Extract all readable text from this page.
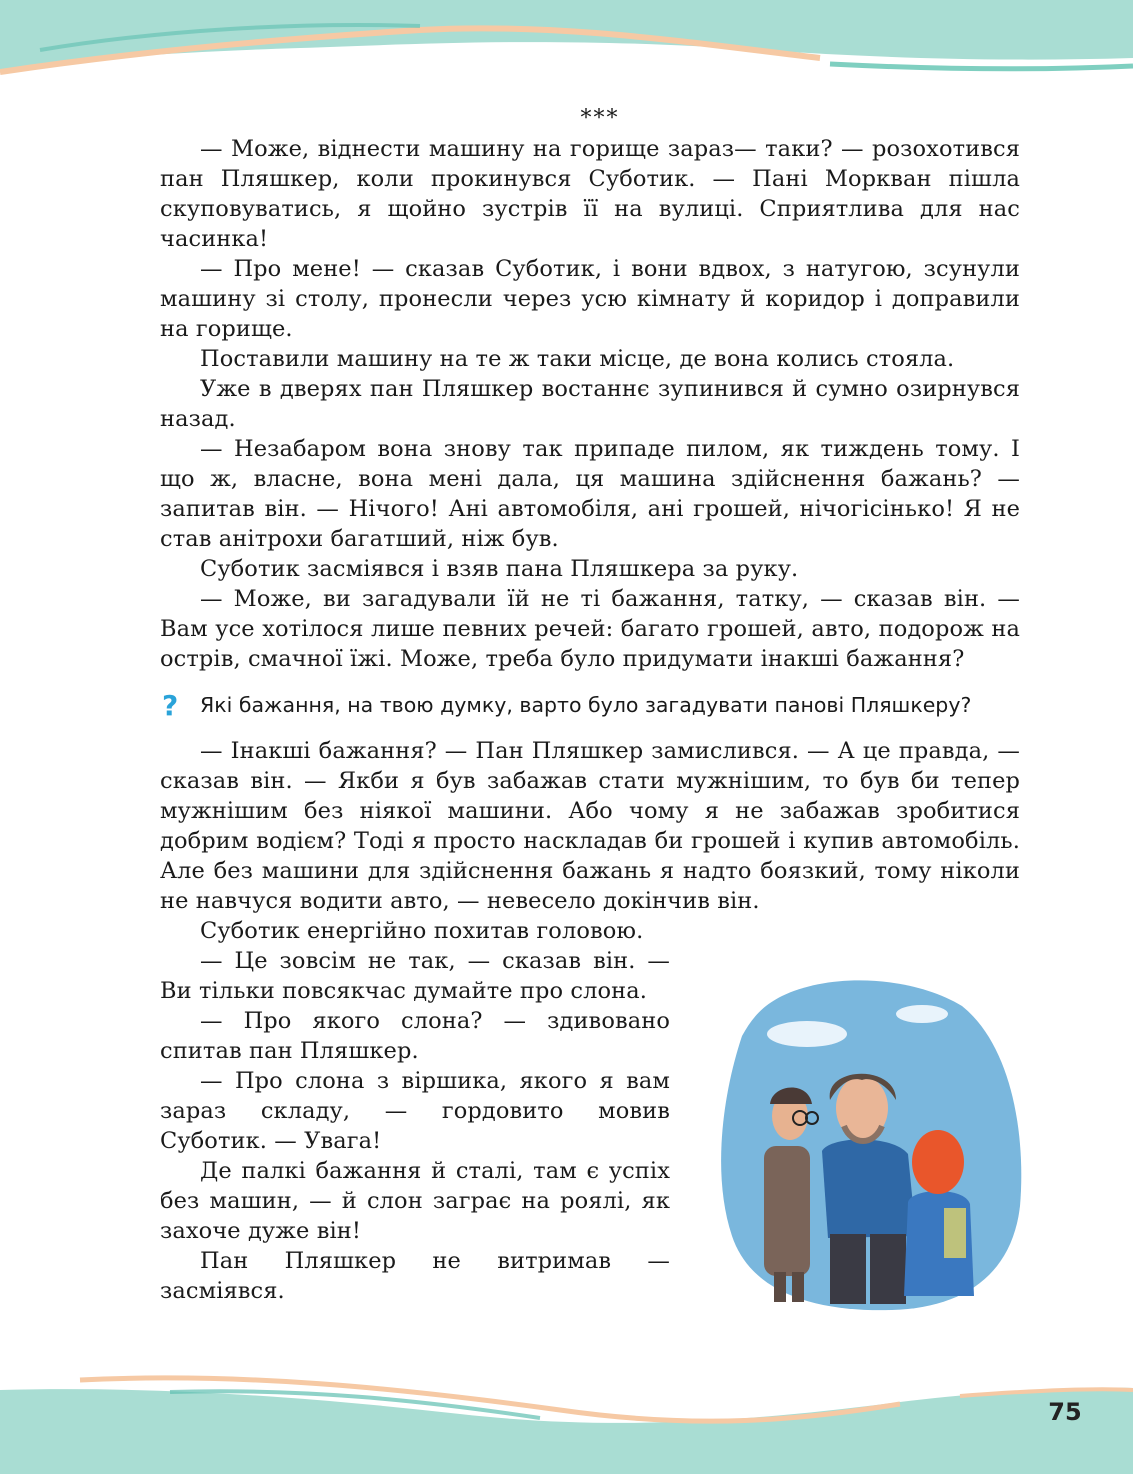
***

— Може, віднести машину на горище зараз— таки? — розохотився пан Пляшкер, коли прокинувся Суботик. — Пані Моркван пішла скуповуватись, я щойно зустрів її на вулиці. Сприятлива для нас часинка!

— Про мене! — сказав Суботик, і вони вдвох, з натугою, зсунули машину зі столу, пронесли через усю кімнату й коридор і доправили на горище.

Поставили машину на те ж таки місце, де вона колись стояла.

Уже в дверях пан Пляшкер востаннє зупинився й сумно озирнувся назад.

— Незабаром вона знову так припаде пилом, як тиждень тому. І що ж, власне, вона мені дала, ця машина здійснення бажань? — запитав він. — Нічого! Ані автомобіля, ані грошей, нічогісінько! Я не став анітрохи багатший, ніж був.

Суботик засміявся і взяв пана Пляшкера за руку.

— Може, ви загадували їй не ті бажання, татку, — сказав він. — Вам усе хотілося лише певних речей: багато грошей, авто, подорож на острів, смачної їжі. Може, треба було придумати інакші бажання?

?	Які бажання, на твою думку, варто було загадувати панові Пляшкеру?

— Інакші бажання? — Пан Пляшкер замислився. — А це правда, — сказав він. — Якби я був забажав стати мужнішим, то був би тепер мужнішим без ніякої машини. Або чому я не забажав зробитися добрим водієм? Тоді я просто наскладав би грошей і купив автомобіль. Але без машини для здійснення бажань я надто боязкий, тому ніколи не навчуся водити авто, — невесело докінчив він.

Суботик енергійно похитав головою.

— Це зовсім не так, — сказав він. — Ви тільки повсякчас думайте про слона.

— Про якого слона? — здивовано спитав пан Пляшкер.

— Про слона з віршика, якого я вам зараз складу, — гордовито мовив Суботик. — Увага!

Де палкі бажання й сталі, там є успіх без машин, — й слон заграє на роялі, як захоче дуже він!

Пан Пляшкер не витримав — засміявся.

75
